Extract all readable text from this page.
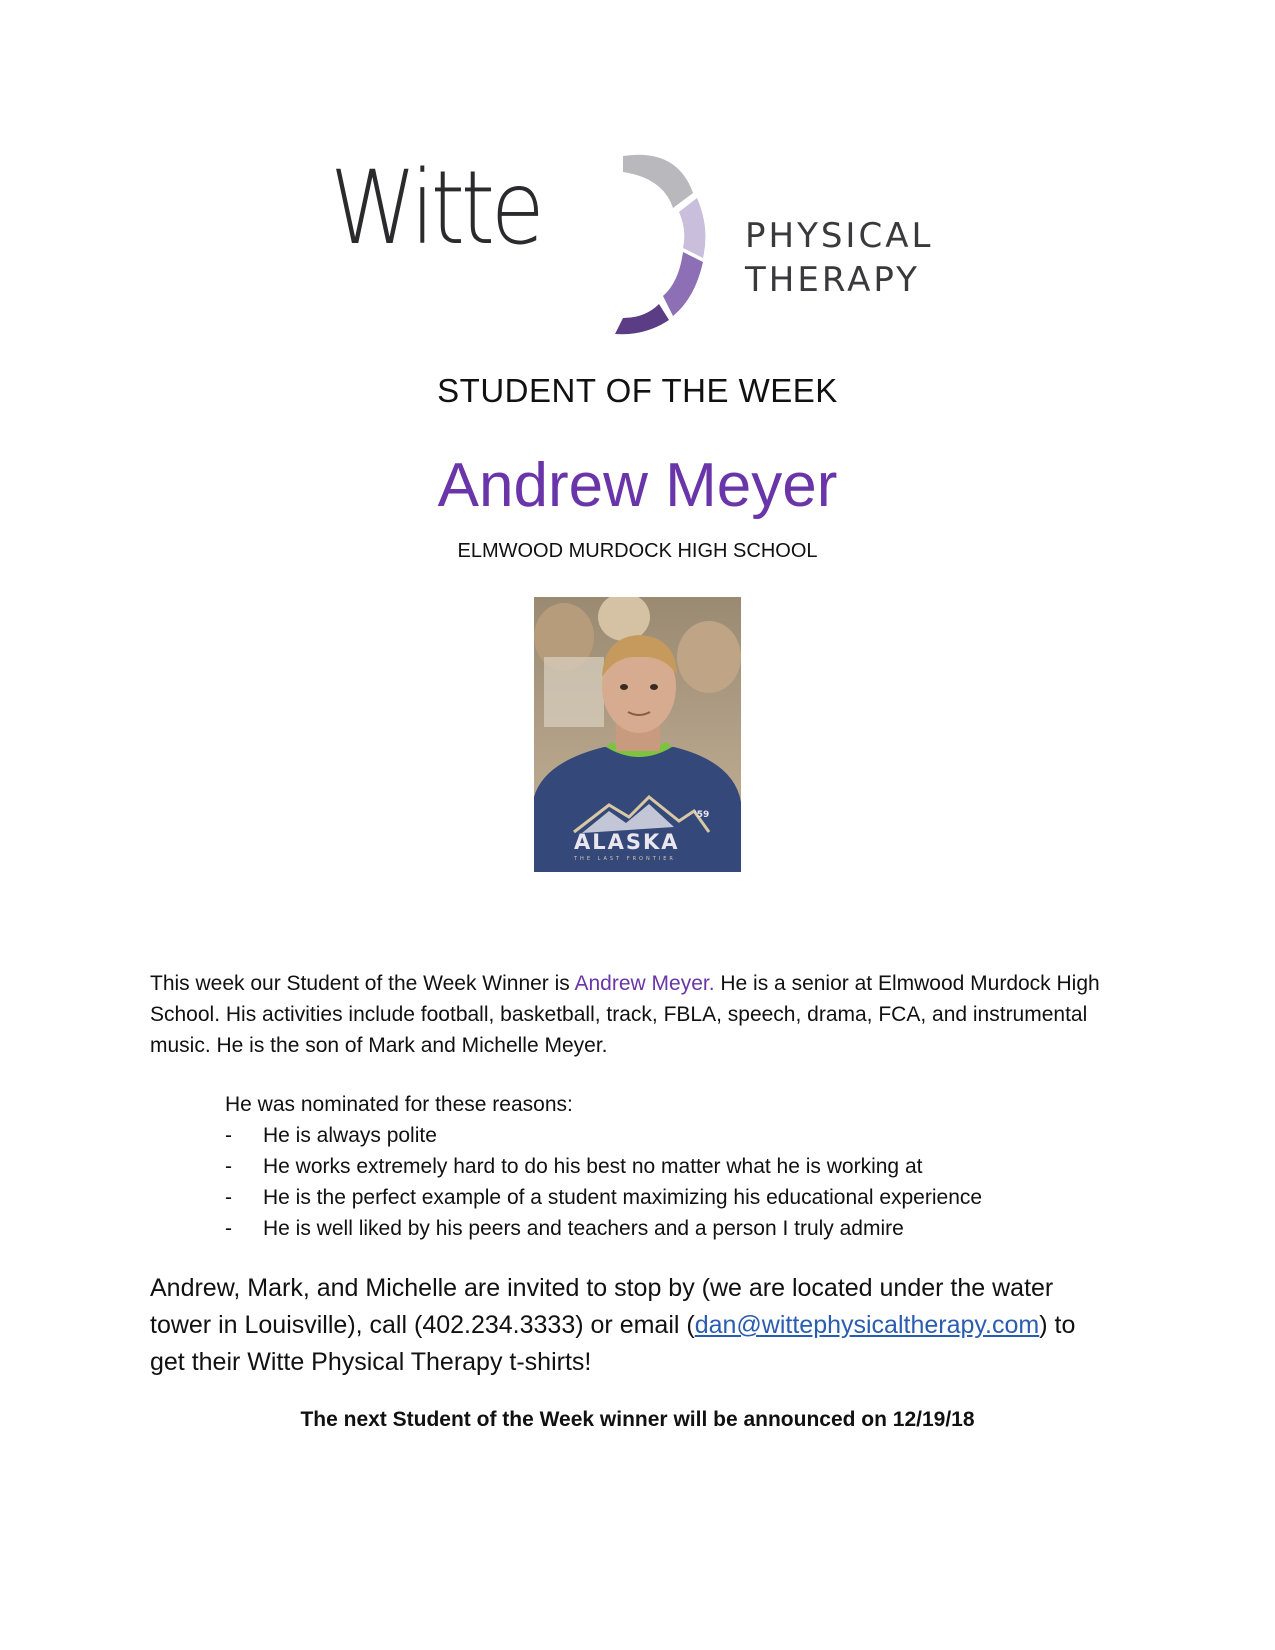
Witte	PHYSICAL
THERAPY
STUDENT OF THE WEEK
Andrew Meyer
ELMWOOD MURDOCK HIGH SCHOOL
ALASKA
THE LAST FRONTIER
'59

This week our Student of the Week Winner is Andrew Meyer. He is a senior at Elmwood Murdock High School. His activities include football, basketball, track, FBLA, speech, drama, FCA, and instrumental music. He is the son of Mark and Michelle Meyer.

He was nominated for these reasons:
- He is always polite
- He works extremely hard to do his best no matter what he is working at
- He is the perfect example of a student maximizing his educational experience
- He is well liked by his peers and teachers and a person I truly admire

Andrew, Mark, and Michelle are invited to stop by (we are located under the water tower in Louisville), call (402.234.3333) or email (dan@wittephysicaltherapy.com) to get their Witte Physical Therapy t-shirts!

The next Student of the Week winner will be announced on 12/19/18
